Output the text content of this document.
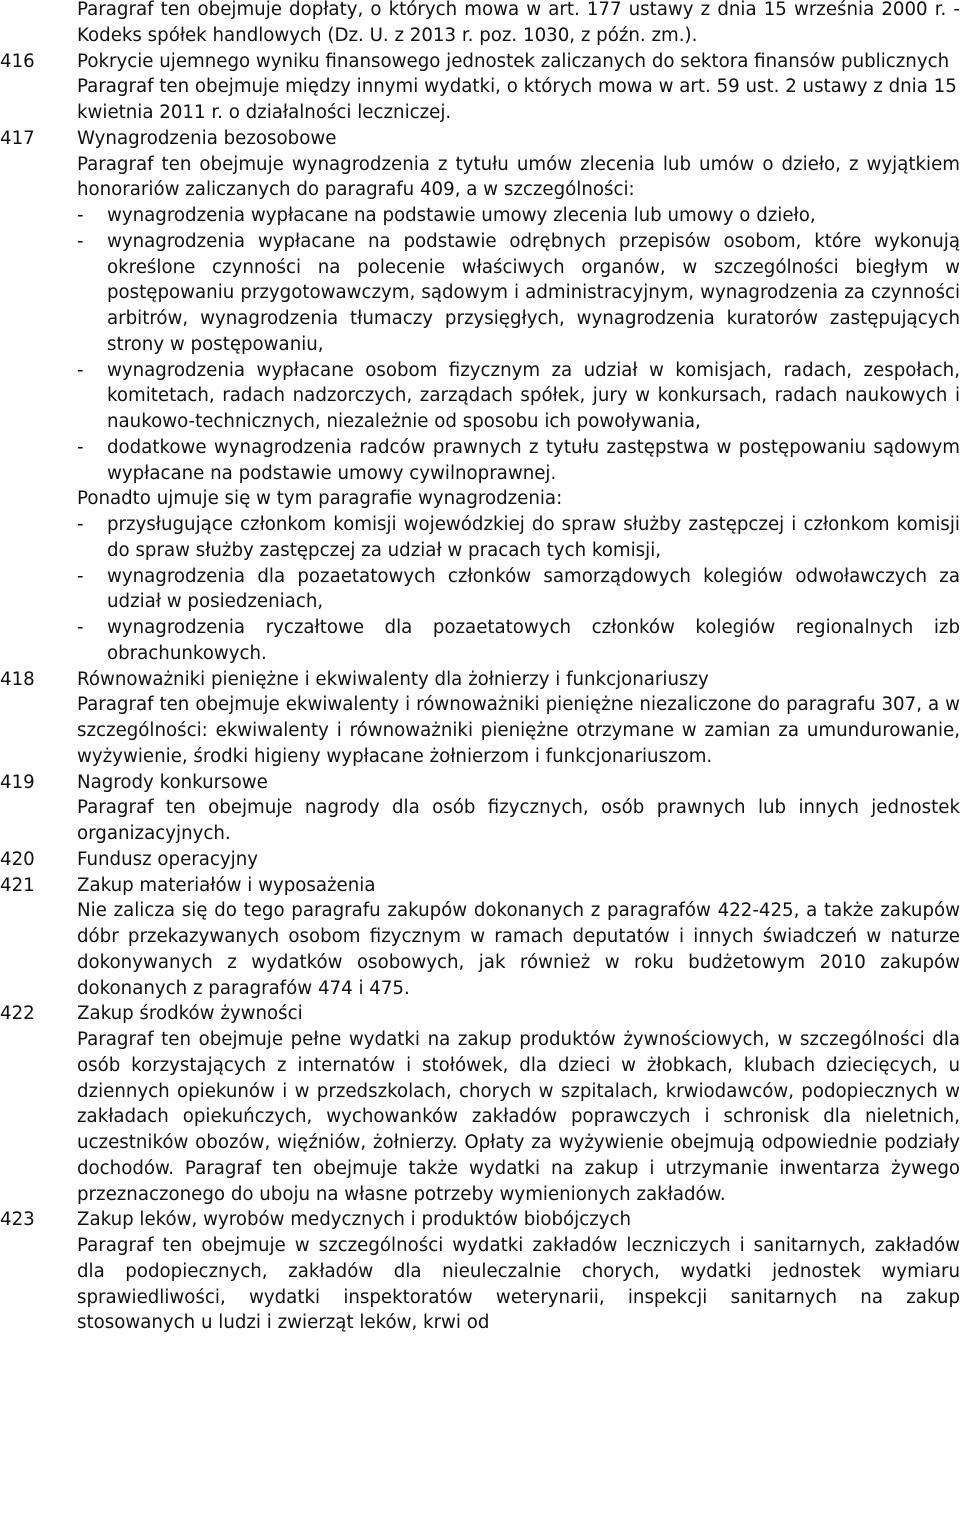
Paragraf ten obejmuje dopłaty, o których mowa w art. 177 ustawy z dnia 15 września 2000 r. - Kodeks spółek handlowych (Dz. U. z 2013 r. poz. 1030, z późn. zm.).

416	Pokrycie ujemnego wyniku finansowego jednostek zaliczanych do sektora finansów publicznych

Paragraf ten obejmuje między innymi wydatki, o których mowa w art. 59 ust. 2 ustawy z dnia 15 kwietnia 2011 r. o działalności leczniczej.

417	Wynagrodzenia bezosobowe

Paragraf ten obejmuje wynagrodzenia z tytułu umów zlecenia lub umów o dzieło, z wyjątkiem honorariów zaliczanych do paragrafu 409, a w szczególności:

-	wynagrodzenia wypłacane na podstawie umowy zlecenia lub umowy o dzieło,
-	wynagrodzenia wypłacane na podstawie odrębnych przepisów osobom, które wykonują określone czynności na polecenie właściwych organów, w szczególności biegłym w postępowaniu przygotowawczym, sądowym i administracyjnym, wynagrodzenia za czynności arbitrów, wynagrodzenia tłumaczy przysięgłych, wynagrodzenia kuratorów zastępujących strony w postępowaniu,
-	wynagrodzenia wypłacane osobom fizycznym za udział w komisjach, radach, zespołach, komitetach, radach nadzorczych, zarządach spółek, jury w konkursach, radach naukowych i naukowo-technicznych, niezależnie od sposobu ich powoływania,
-	dodatkowe wynagrodzenia radców prawnych z tytułu zastępstwa w postępowaniu sądowym wypłacane na podstawie umowy cywilnoprawnej.

Ponadto ujmuje się w tym paragrafie wynagrodzenia:

-	przysługujące członkom komisji wojewódzkiej do spraw służby zastępczej i członkom komisji do spraw służby zastępczej za udział w pracach tych komisji,
-	wynagrodzenia dla pozaetatowych członków samorządowych kolegiów odwoławczych za udział w posiedzeniach,
-	wynagrodzenia ryczałtowe dla pozaetatowych członków kolegiów regionalnych izb obrachunkowych.
418	Równoważniki pieniężne i ekwiwalenty dla żołnierzy i funkcjonariuszy

Paragraf ten obejmuje ekwiwalenty i równoważniki pieniężne niezaliczone do paragrafu 307, a w szczególności: ekwiwalenty i równoważniki pieniężne otrzymane w zamian za umundurowanie, wyżywienie, środki higieny wypłacane żołnierzom i funkcjonariuszom.

419	Nagrody konkursowe

Paragraf ten obejmuje nagrody dla osób fizycznych, osób prawnych lub innych jednostek organizacyjnych.

420	Fundusz operacyjny

421	Zakup materiałów i wyposażenia

Nie zalicza się do tego paragrafu zakupów dokonanych z paragrafów 422-425, a także zakupów dóbr przekazywanych osobom fizycznym w ramach deputatów i innych świadczeń w naturze dokonywanych z wydatków osobowych, jak również w roku budżetowym 2010 zakupów dokonanych z paragrafów 474 i 475.

422	Zakup środków żywności

Paragraf ten obejmuje pełne wydatki na zakup produktów żywnościowych, w szczególności dla osób korzystających z internatów i stołówek, dla dzieci w żłobkach, klubach dziecięcych, u dziennych opiekunów i w przedszkolach, chorych w szpitalach, krwiodawców, podopiecznych w zakładach opiekuńczych, wychowanków zakładów poprawczych i schronisk dla nieletnich, uczestników obozów, więźniów, żołnierzy. Opłaty za wyżywienie obejmują odpowiednie podziały dochodów. Paragraf ten obejmuje także wydatki na zakup i utrzymanie inwentarza żywego przeznaczonego do uboju na własne potrzeby wymienionych zakładów.

423	Zakup leków, wyrobów medycznych i produktów biobójczych

Paragraf ten obejmuje w szczególności wydatki zakładów leczniczych i sanitarnych, zakładów dla podopiecznych, zakładów dla nieuleczalnie chorych, wydatki jednostek wymiaru sprawiedliwości, wydatki inspektoratów weterynarii, inspekcji sanitarnych na zakup stosowanych u ludzi i zwierząt leków, krwi od
